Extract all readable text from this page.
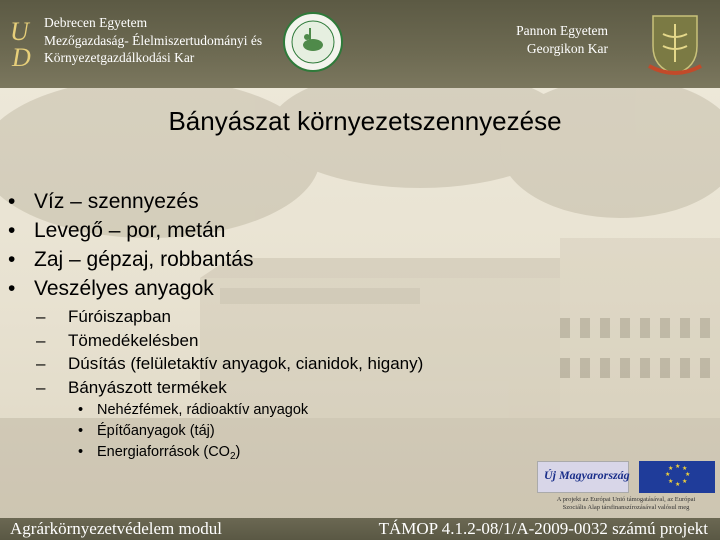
U
D
Debrecen Egyetem
Mezőgazdaság- Élelmiszertudományi és
Környezetgazdálkodási Kar
Pannon Egyetem
Georgikon Kar
Bányászat környezetszennyezése
• Víz – szennyezés
• Levegő – por, metán
• Zaj – gépzaj, robbantás
• Veszélyes anyagok
– Fúróiszapban
– Tömedékelésben
– Dúsítás (felületaktív anyagok, cianidok, higany)
– Bányászott termékek
• Nehézfémek, rádioaktív anyagok
• Építőanyagok (táj)
• Energiaforrások $(CO_2)$
Új Magyarország
★ ★
★
★
★
★
★
★
A projekt az Európai Unió támogatásával, az Európai
Szociális Alap társfinanszírozásával valósul meg
Agrárkörnyezetvédelem modul	TÁMOP 4.1.2-08/1/A-2009-0032 számú projekt
